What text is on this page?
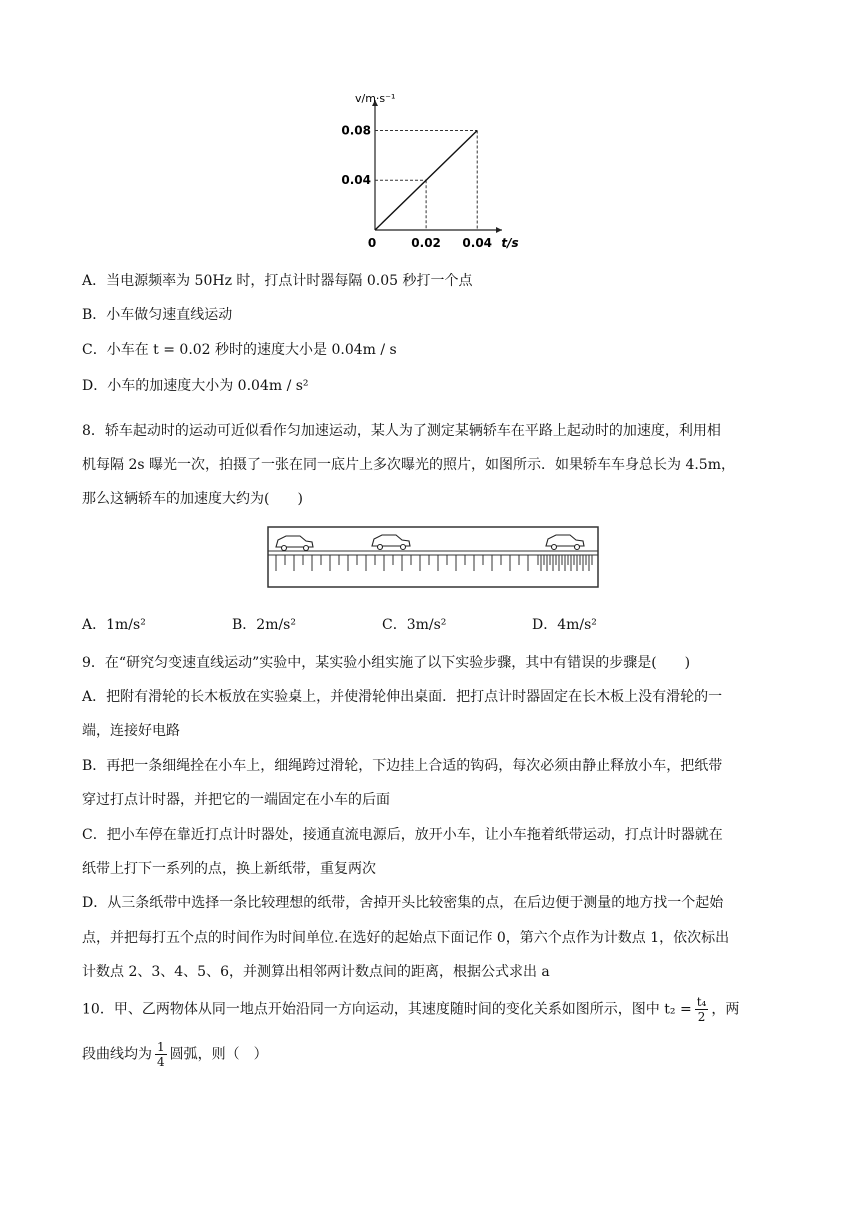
0	0.02 0.04
0.04
0.08
t/s
v/m·s⁻¹
A．当电源频率为 50Hz 时，打点计时器每隔 0.05 秒打一个点
B．小车做匀速直线运动
C．小车在 t = 0.02 秒时的速度大小是 0.04m / s
D．小车的加速度大小为 0.04m / s²
8．轿车起动时的运动可近似看作匀加速运动，某人为了测定某辆轿车在平路上起动时的加速度，利用相
机每隔 2s 曝光一次，拍摄了一张在同一底片上多次曝光的照片，如图所示．如果轿车车身总长为 4.5m，
那么这辆轿车的加速度大约为(　　)
A．1m/s²	B．2m/s²	C．3m/s²	D．4m/s²
9．在“研究匀变速直线运动”实验中，某实验小组实施了以下实验步骤，其中有错误的步骤是(　　)
A．把附有滑轮的长木板放在实验桌上，并使滑轮伸出桌面．把打点计时器固定在长木板上没有滑轮的一
端，连接好电路
B．再把一条细绳拴在小车上，细绳跨过滑轮，下边挂上合适的钩码，每次必须由静止释放小车，把纸带
穿过打点计时器，并把它的一端固定在小车的后面
C．把小车停在靠近打点计时器处，接通直流电源后，放开小车，让小车拖着纸带运动，打点计时器就在
纸带上打下一系列的点，换上新纸带，重复两次
D．从三条纸带中选择一条比较理想的纸带，舍掉开头比较密集的点，在后边便于测量的地方找一个起始
点，并把每打五个点的时间作为时间单位.在选好的起始点下面记作 0，第六个点作为计数点 1，依次标出
计数点 2、3、4、5、6，并测算出相邻两计数点间的距离，根据公式求出 a
10．甲、乙两物体从同一地点开始沿同一方向运动，其速度随时间的变化关系如图所示，图中 $t_2 = \frac{\text{t₄}}{2}$ ，两
段曲线均为 $\frac{1}{4}$ 圆弧，则（　）
